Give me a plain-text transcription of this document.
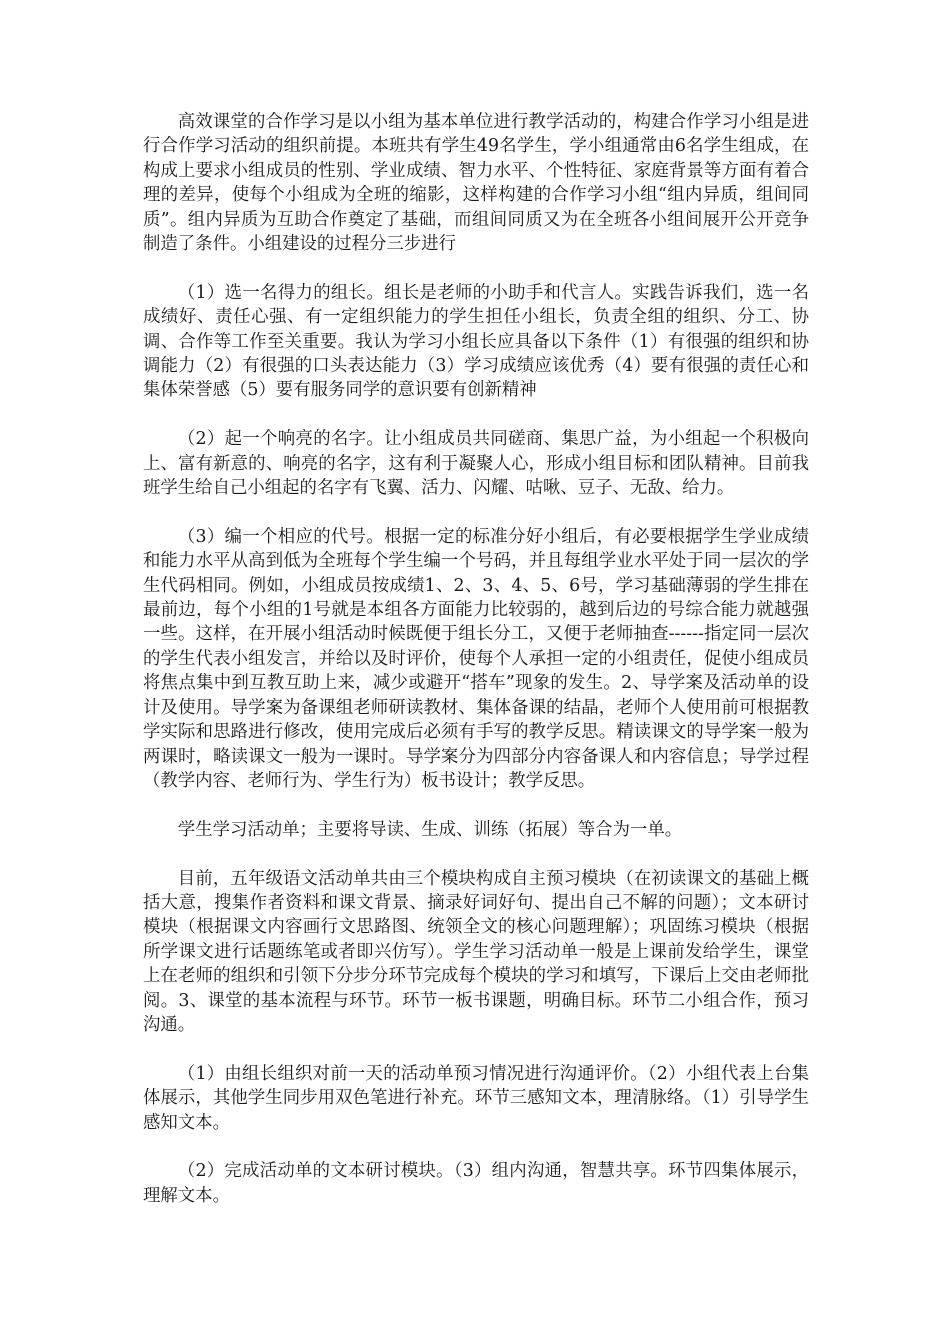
高效课堂的合作学习是以小组为基本单位进行教学活动的，构建合作学习小组是进行合作学习活动的组织前提。本班共有学生49名学生，学小组通常由6名学生组成，在构成上要求小组成员的性别、学业成绩、智力水平、个性特征、家庭背景等方面有着合理的差异，使每个小组成为全班的缩影，这样构建的合作学习小组“组内异质，组间同质”。组内异质为互助合作奠定了基础，而组间同质又为在全班各小组间展开公开竞争制造了条件。小组建设的过程分三步进行

（1）选一名得力的组长。组长是老师的小助手和代言人。实践告诉我们，选一名成绩好、责任心强、有一定组织能力的学生担任小组长，负责全组的组织、分工、协调、合作等工作至关重要。我认为学习小组长应具备以下条件（1）有很强的组织和协调能力（2）有很强的口头表达能力（3）学习成绩应该优秀（4）要有很强的责任心和集体荣誉感（5）要有服务同学的意识要有创新精神

（2）起一个响亮的名字。让小组成员共同磋商、集思广益，为小组起一个积极向上、富有新意的、响亮的名字，这有利于凝聚人心，形成小组目标和团队精神。目前我班学生给自己小组起的名字有飞翼、活力、闪耀、咕啾、豆子、无敌、给力。

（3）编一个相应的代号。根据一定的标准分好小组后，有必要根据学生学业成绩和能力水平从高到低为全班每个学生编一个号码，并且每组学业水平处于同一层次的学生代码相同。例如，小组成员按成绩1、2、3、4、5、6号，学习基础薄弱的学生排在最前边，每个小组的1号就是本组各方面能力比较弱的，越到后边的号综合能力就越强一些。这样，在开展小组活动时候既便于组长分工，又便于老师抽查------指定同一层次的学生代表小组发言，并给以及时评价，使每个人承担一定的小组责任，促使小组成员将焦点集中到互教互助上来，减少或避开“搭车”现象的发生。2、导学案及活动单的设计及使用。导学案为备课组老师研读教材、集体备课的结晶，老师个人使用前可根据教学实际和思路进行修改，使用完成后必须有手写的教学反思。精读课文的导学案一般为两课时，略读课文一般为一课时。导学案分为四部分内容备课人和内容信息；导学过程（教学内容、老师行为、学生行为）板书设计；教学反思。

学生学习活动单；主要将导读、生成、训练（拓展）等合为一单。

目前，五年级语文活动单共由三个模块构成自主预习模块（在初读课文的基础上概括大意，搜集作者资料和课文背景、摘录好词好句、提出自己不解的问题）；文本研讨模块（根据课文内容画行文思路图、统领全文的核心问题理解）；巩固练习模块（根据所学课文进行话题练笔或者即兴仿写）。学生学习活动单一般是上课前发给学生，课堂上在老师的组织和引领下分步分环节完成每个模块的学习和填写，下课后上交由老师批阅。3、课堂的基本流程与环节。环节一板书课题，明确目标。环节二小组合作，预习沟通。

（1）由组长组织对前一天的活动单预习情况进行沟通评价。（2）小组代表上台集体展示，其他学生同步用双色笔进行补充。环节三感知文本，理清脉络。（1）引导学生感知文本。

（2）完成活动单的文本研讨模块。（3）组内沟通，智慧共享。环节四集体展示，理解文本。
